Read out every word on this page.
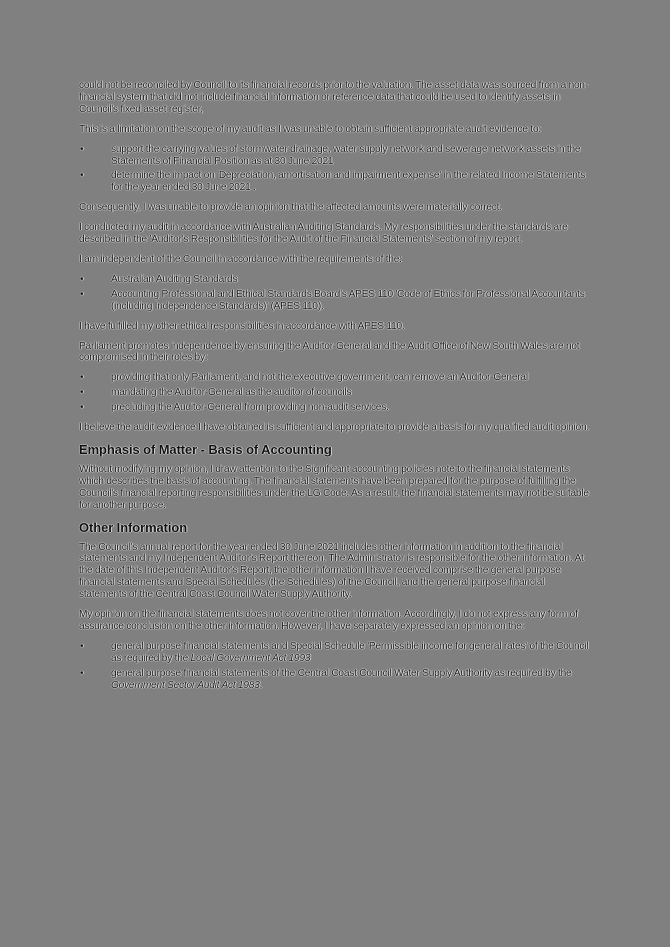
could not be reconciled by Council to its financial records prior to the valuation. The asset data was sourced from a non-financial system that did not include financial information or reference data that could be used to identify assets in Council's fixed asset register,

This is a limitation on the scope of my audit as I was unable to obtain sufficient appropriate audit evidence to:

•	support the carrying values of stormwater drainage, water supply network and sewerage network assets in the Statements of Financial Position as at 30 June 2021
•	determine the impact on 'Depreciation, amortisation and impairment expense' in the related Income Statements for the year ended 30 June 2021 .

Consequently, I was unable to provide an opinion that the affected amounts were materially correct.

I conducted my audit in accordance with Australian Auditing Standards. My responsibilities under the standards are described in the 'Auditor's Responsibilities for the Audit of the Financial Statements' section of my report.

I am independent of the Council in accordance with the requirements of the:

•	Australian Auditing Standards
•	Accounting Professional and Ethical Standards Board's APES 110 'Code of Ethics for Professional Accountants (including Independence Standards)' (APES 110).

I have fulfilled my other ethical responsibilities in accordance with APES 110.

Parliament promotes independence by ensuring the Auditor-General and the Audit Office of New South Wales are not compromised in their roles by:

•	providing that only Parliament, and not the executive government, can remove an Auditor-General
•	mandating the Auditor-General as the auditor of councils
•	precluding the Auditor-General from providing non-audit services.

I believe the audit evidence I have obtained is sufficient and appropriate to provide a basis for my qualified audit opinion.

Emphasis of Matter - Basis of Accounting

Without modifying my opinion, I draw attention to the Significant accounting policies note to the financial statements which describes the basis of accounting. The financial statements have been prepared for the purpose of fulfilling the Council's financial reporting responsibilities under the LG Code. As a result, the financial statements may not be suitable for another purpose.

Other Information

The Council's annual report for the year ended 30 June 2021 includes other information in addition to the financial statements and my Independent Auditor's Report thereon. The Administrator is responsible for the other information. At the date of this Independent Auditor's Report, the other information I have received comprise the general purpose financial statements and Special Schedules (the Schedules) of the Council, and the general purpose financial statements of the Central Coast Council Water Supply Authority.

My opinion on the financial statements does not cover the other information. Accordingly, I do not express any form of assurance conclusion on the other information. However, I have separately expressed an opinion on the:

•	general purpose financial statements and Special Schedule 'Permissible income for general rates' of the Council as required by the Local Government Act 1993
•	general purpose financial statements of the Central Coast Council Water Supply Authority as required by the Government Sector Audit Act 1983.
